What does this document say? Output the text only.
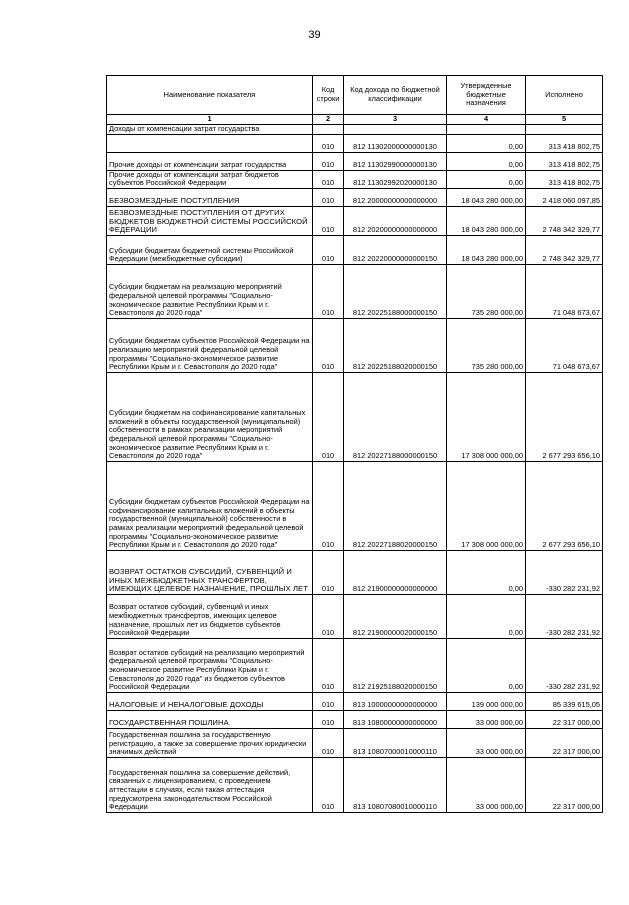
39
Наименование показателя	Код строки	Код дохода по бюджетной классификации	Утвержденные бюджетные назначения	Исполнено
1	2	3	4	5
Доходы от компенсации затрат государства				
	010	812 11302000000000130	0,00	313 418 802,75
Прочие доходы от компенсации затрат государства	010	812 11302990000000130	0,00	313 418 802,75
Прочие доходы от компенсации затрат бюджетов субъектов Российской Федерации	010	812 11302992020000130	0,00	313 418 802,75
БЕЗВОЗМЕЗДНЫЕ ПОСТУПЛЕНИЯ	010	812 20000000000000000	18 043 280 000,00	2 418 060 097,85
БЕЗВОЗМЕЗДНЫЕ ПОСТУПЛЕНИЯ ОТ ДРУГИХ БЮДЖЕТОВ БЮДЖЕТНОЙ СИСТЕМЫ РОССИЙСКОЙ ФЕДЕРАЦИИ	010	812 20200000000000000	18 043 280 000,00	2 748 342 329,77
Субсидии бюджетам бюджетной системы Российской Федерации (межбюджетные субсидии)	010	812 20220000000000150	18 043 280 000,00	2 748 342 329,77
Субсидии бюджетам на реализацию мероприятий федеральной целевой программы "Социально-экономическое развитие Республики Крым и г. Севастополя до 2020 года"	010	812 20225188000000150	735 280 000,00	71 048 673,67
Субсидии бюджетам субъектов Российской Федерации на реализацию мероприятий федеральной целевой программы "Социально-экономическое развитие Республики Крым и г. Севастополя до 2020 года"	010	812 20225188020000150	735 280 000,00	71 048 673,67
Субсидии бюджетам на софинансирование капитальных вложений в объекты государственной (муниципальной) собственности в рамках реализации мероприятий федеральной целевой программы "Социально-экономическое развитие Республики Крым и г. Севастополя до 2020 года"	010	812 20227188000000150	17 308 000 000,00	2 677 293 656,10
Субсидии бюджетам субъектов Российской Федерации на софинансирование капитальных вложений в объекты государственной (муниципальной) собственности в рамках реализации мероприятий федеральной целевой программы "Социально-экономическое развитие Республики Крым и г. Севастополя до 2020 года"	010	812 20227188020000150	17 308 000 000,00	2 677 293 656,10
ВОЗВРАТ ОСТАТКОВ СУБСИДИЙ, СУБВЕНЦИЙ И ИНЫХ МЕЖБЮДЖЕТНЫХ ТРАНСФЕРТОВ, ИМЕЮЩИХ ЦЕЛЕВОЕ НАЗНАЧЕНИЕ, ПРОШЛЫХ ЛЕТ	010	812 21900000000000000	0,00	-330 282 231,92
Возврат остатков субсидий, субвенций и иных межбюджетных трансфертов, имеющих целевое назначение, прошлых лет из бюджетов субъектов Российской Федерации	010	812 21900000020000150	0,00	-330 282 231,92
Возврат остатков субсидий на реализацию мероприятий федеральной целевой программы "Социально-экономическое развитие Республики Крым и г. Севастополя до 2020 года" из бюджетов субъектов Российской Федерации	010	812 21925188020000150	0,00	-330 282 231,92
НАЛОГОВЫЕ И НЕНАЛОГОВЫЕ ДОХОДЫ	010	813 10000000000000000	139 000 000,00	85 339 615,05
ГОСУДАРСТВЕННАЯ ПОШЛИНА	010	813 10800000000000000	33 000 000,00	22 317 000,00
Государственная пошлина за государственную регистрацию, а также за совершение прочих юридически значимых действий	010	813 10807000010000110	33 000 000,00	22 317 000,00
Государственная пошлина за совершение действий, связанных с лицензированием, с проведением аттестации в случаях, если такая аттестация предусмотрена законодательством Российской Федерации	010	813 10807080010000110	33 000 000,00	22 317 000,00
